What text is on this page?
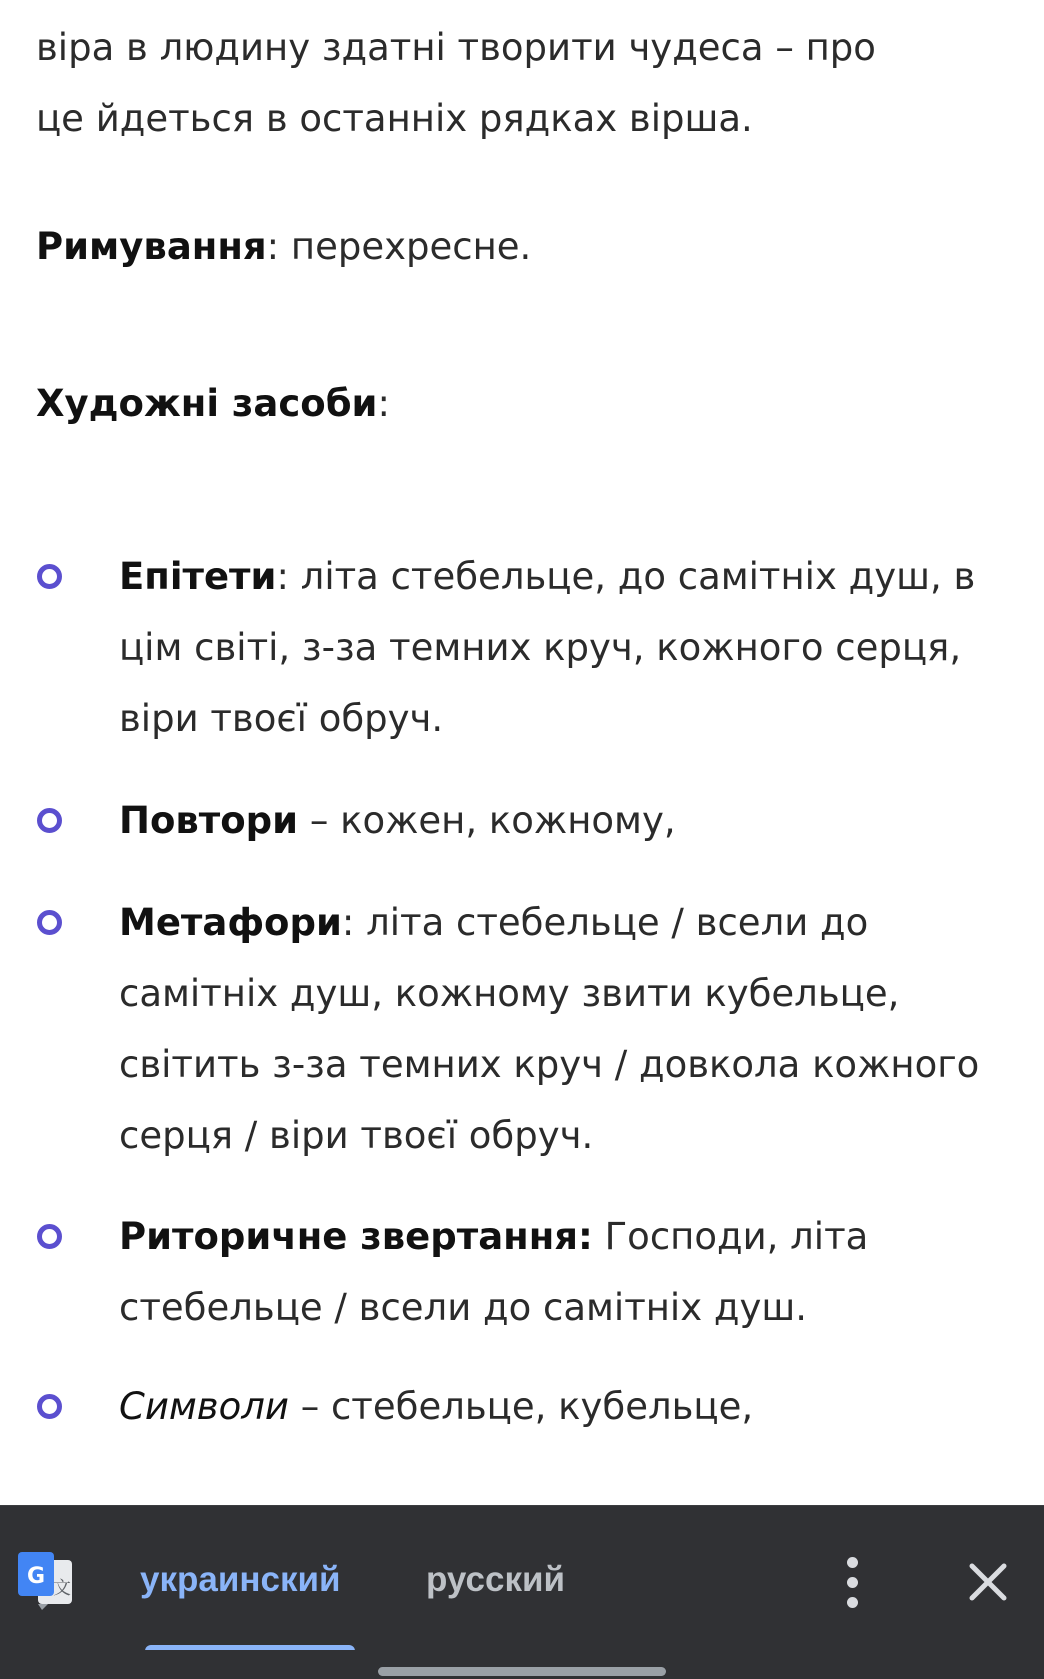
віра в людину здатні творити чудеса – про
це йдеться в останніх рядках вірша.

Римування: перехресне.

Художні засоби:

Епітети: літа стебельце, до самітніх душ, в цім світі, з-за темних круч, кожного серця, віри твоєї обруч.

Повтори – кожен, кожному,

Метафори: літа стебельце / всели до самітніх душ, кожному звити кубельце, світить з-за темних круч / довкола кожного серця / віри твоєї обруч.

Риторичне звертання: Господи, літа стебельце / всели до самітніх душ.

Символи – стебельце, кубельце,

G 文 украинский русский
